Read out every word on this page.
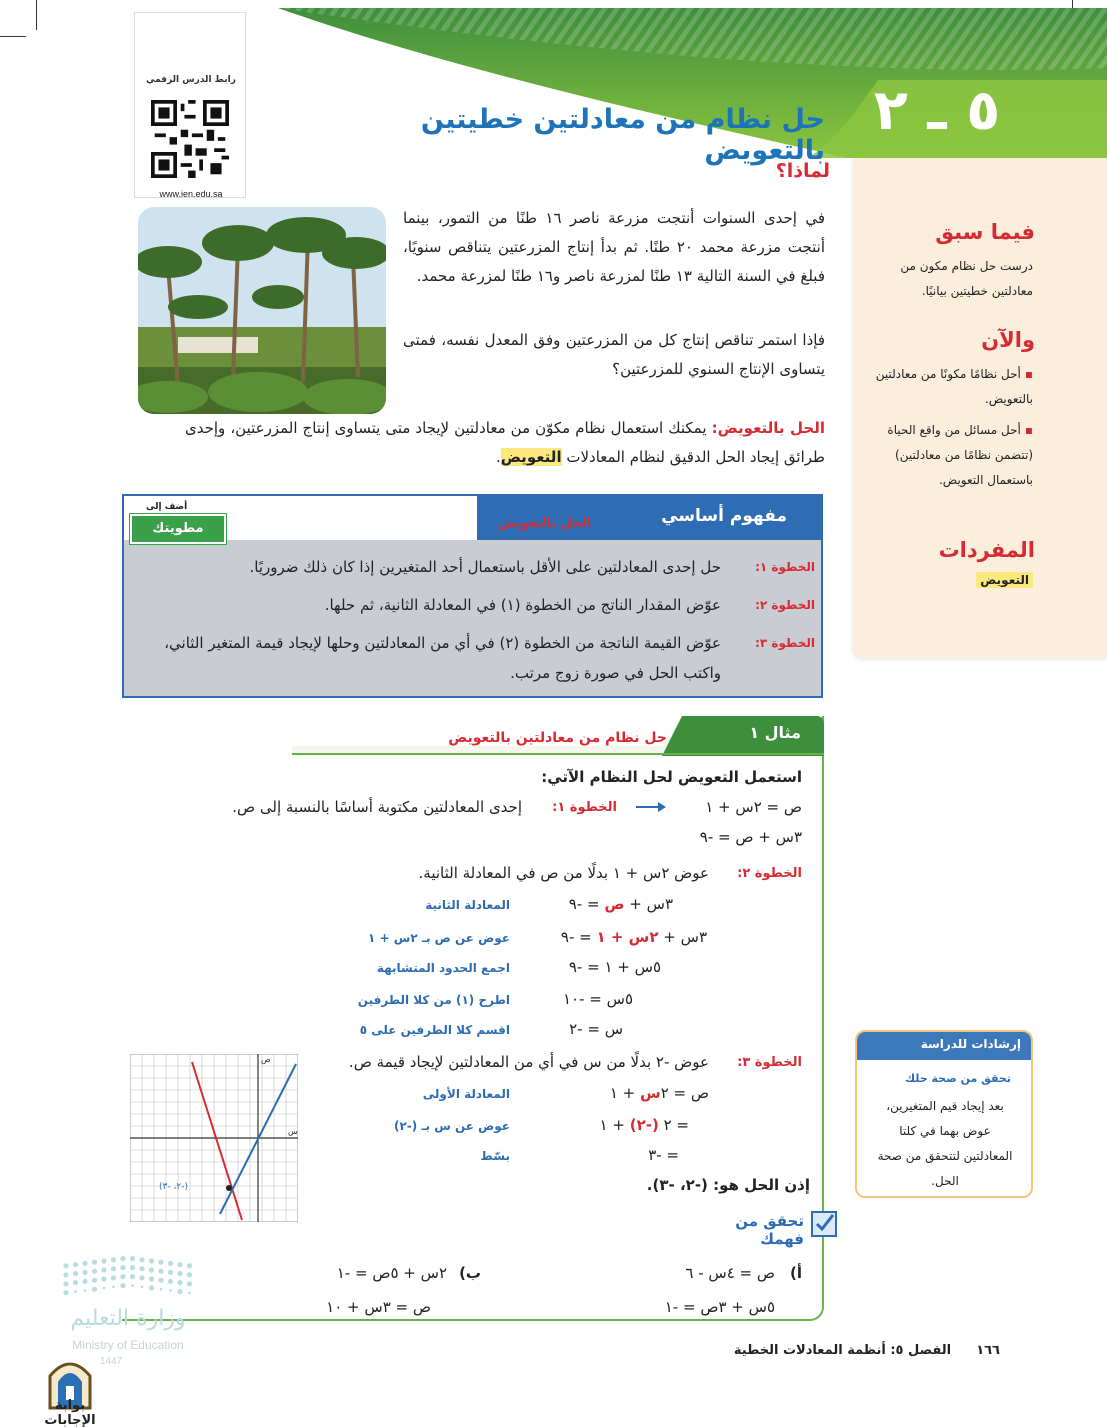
٥ ـ ٢
حل نظام من معادلتين خطيتين بالتعويض
رابط الدرس الرقمي
www.ien.edu.sa
فيما سبق
درست حل نظام مكون من معادلتين خطيتين بيانيًا.
والآن
▪أحل نظامًا مكونًا من معادلتين بالتعويض.
▪أحل مسائل من واقع الحياة (تتضمن نظامًا من معادلتين) باستعمال التعويض.
المفردات
التعويض
لماذا؟
في إحدى السنوات أنتجت مزرعة ناصر ١٦ طنًا من التمور، بينما أنتجت مزرعة محمد ٢٠ طنًا. ثم بدأ إنتاج المزرعتين يتناقص سنويًا، فبلغ في السنة التالية ١٣ طنًا لمزرعة ناصر و١٦ طنًا لمزرعة محمد.
فإذا استمر تناقص إنتاج كل من المزرعتين وفق المعدل نفسه، فمتى يتساوى الإنتاج السنوي للمزرعتين؟
الحل بالتعويض: يمكنك استعمال نظام مكوّن من معادلتين لإيجاد متى يتساوى إنتاج المزرعتين، وإحدى طرائق إيجاد الحل الدقيق لنظام المعادلات التعويض.
مفهوم أساسي
الحل بالتعويض
أضف إلى
مطويتك
الخطوة ١:
حل إحدى المعادلتين على الأقل باستعمال أحد المتغيرين إذا كان ذلك ضروريًا.
الخطوة ٢:
عوّض المقدار الناتج من الخطوة (١) في المعادلة الثانية، ثم حلها.
الخطوة ٣:
عوّض القيمة الناتجة من الخطوة (٢) في أي من المعادلتين وحلها لإيجاد قيمة المتغير الثاني، واكتب الحل في صورة زوج مرتب.
مثال ١
حل نظام من معادلتين بالتعويض
استعمل التعويض لحل النظام الآتي:
ص = ٢س + ١
٣س + ص = -٩
الخطوة ١:
إحدى المعادلتين مكتوبة أساسًا بالنسبة إلى ص.
الخطوة ٢:
عوض ٢س + ١ بدلًا من ص في المعادلة الثانية.
٣س + ص = -٩
المعادلة الثانية
٣س + ٢س + ١ = -٩
عوض عن ص بـ ٢س + ١
٥س + ١ = -٩
اجمع الحدود المتشابهة
٥س = -١٠
اطرح (١) من كلا الطرفين
س = -٢
اقسم كلا الطرفين على ٥
الخطوة ٣:
عوض -٢ بدلًا من س في أي من المعادلتين لإيجاد قيمة ص.
ص = ٢س + ١
المعادلة الأولى
= ٢ (-٢) + ١
عوض عن س بـ (-٢)
= -٣
بسّط
إذن الحل هو: (-٢، -٣).
(-٢، -٣)
ص
س
إرشادات للدراسة
تحقق من صحة حلك
بعد إيجاد قيم المتغيرين، عوض بهما في كلتا المعادلتين لتتحقق من صحة الحل.
تحقق من فهمك
أ)
ص = ٤س - ٦
٥س + ٣ص = -١
ب)
٢س + ٥ص = -١
ص = ٣س + ١٠
١٦٦  الفصل ٥: أنظمة المعادلات الخطية
وزارة التعليم
Ministry of Education
1447
بوابة الإجابات
